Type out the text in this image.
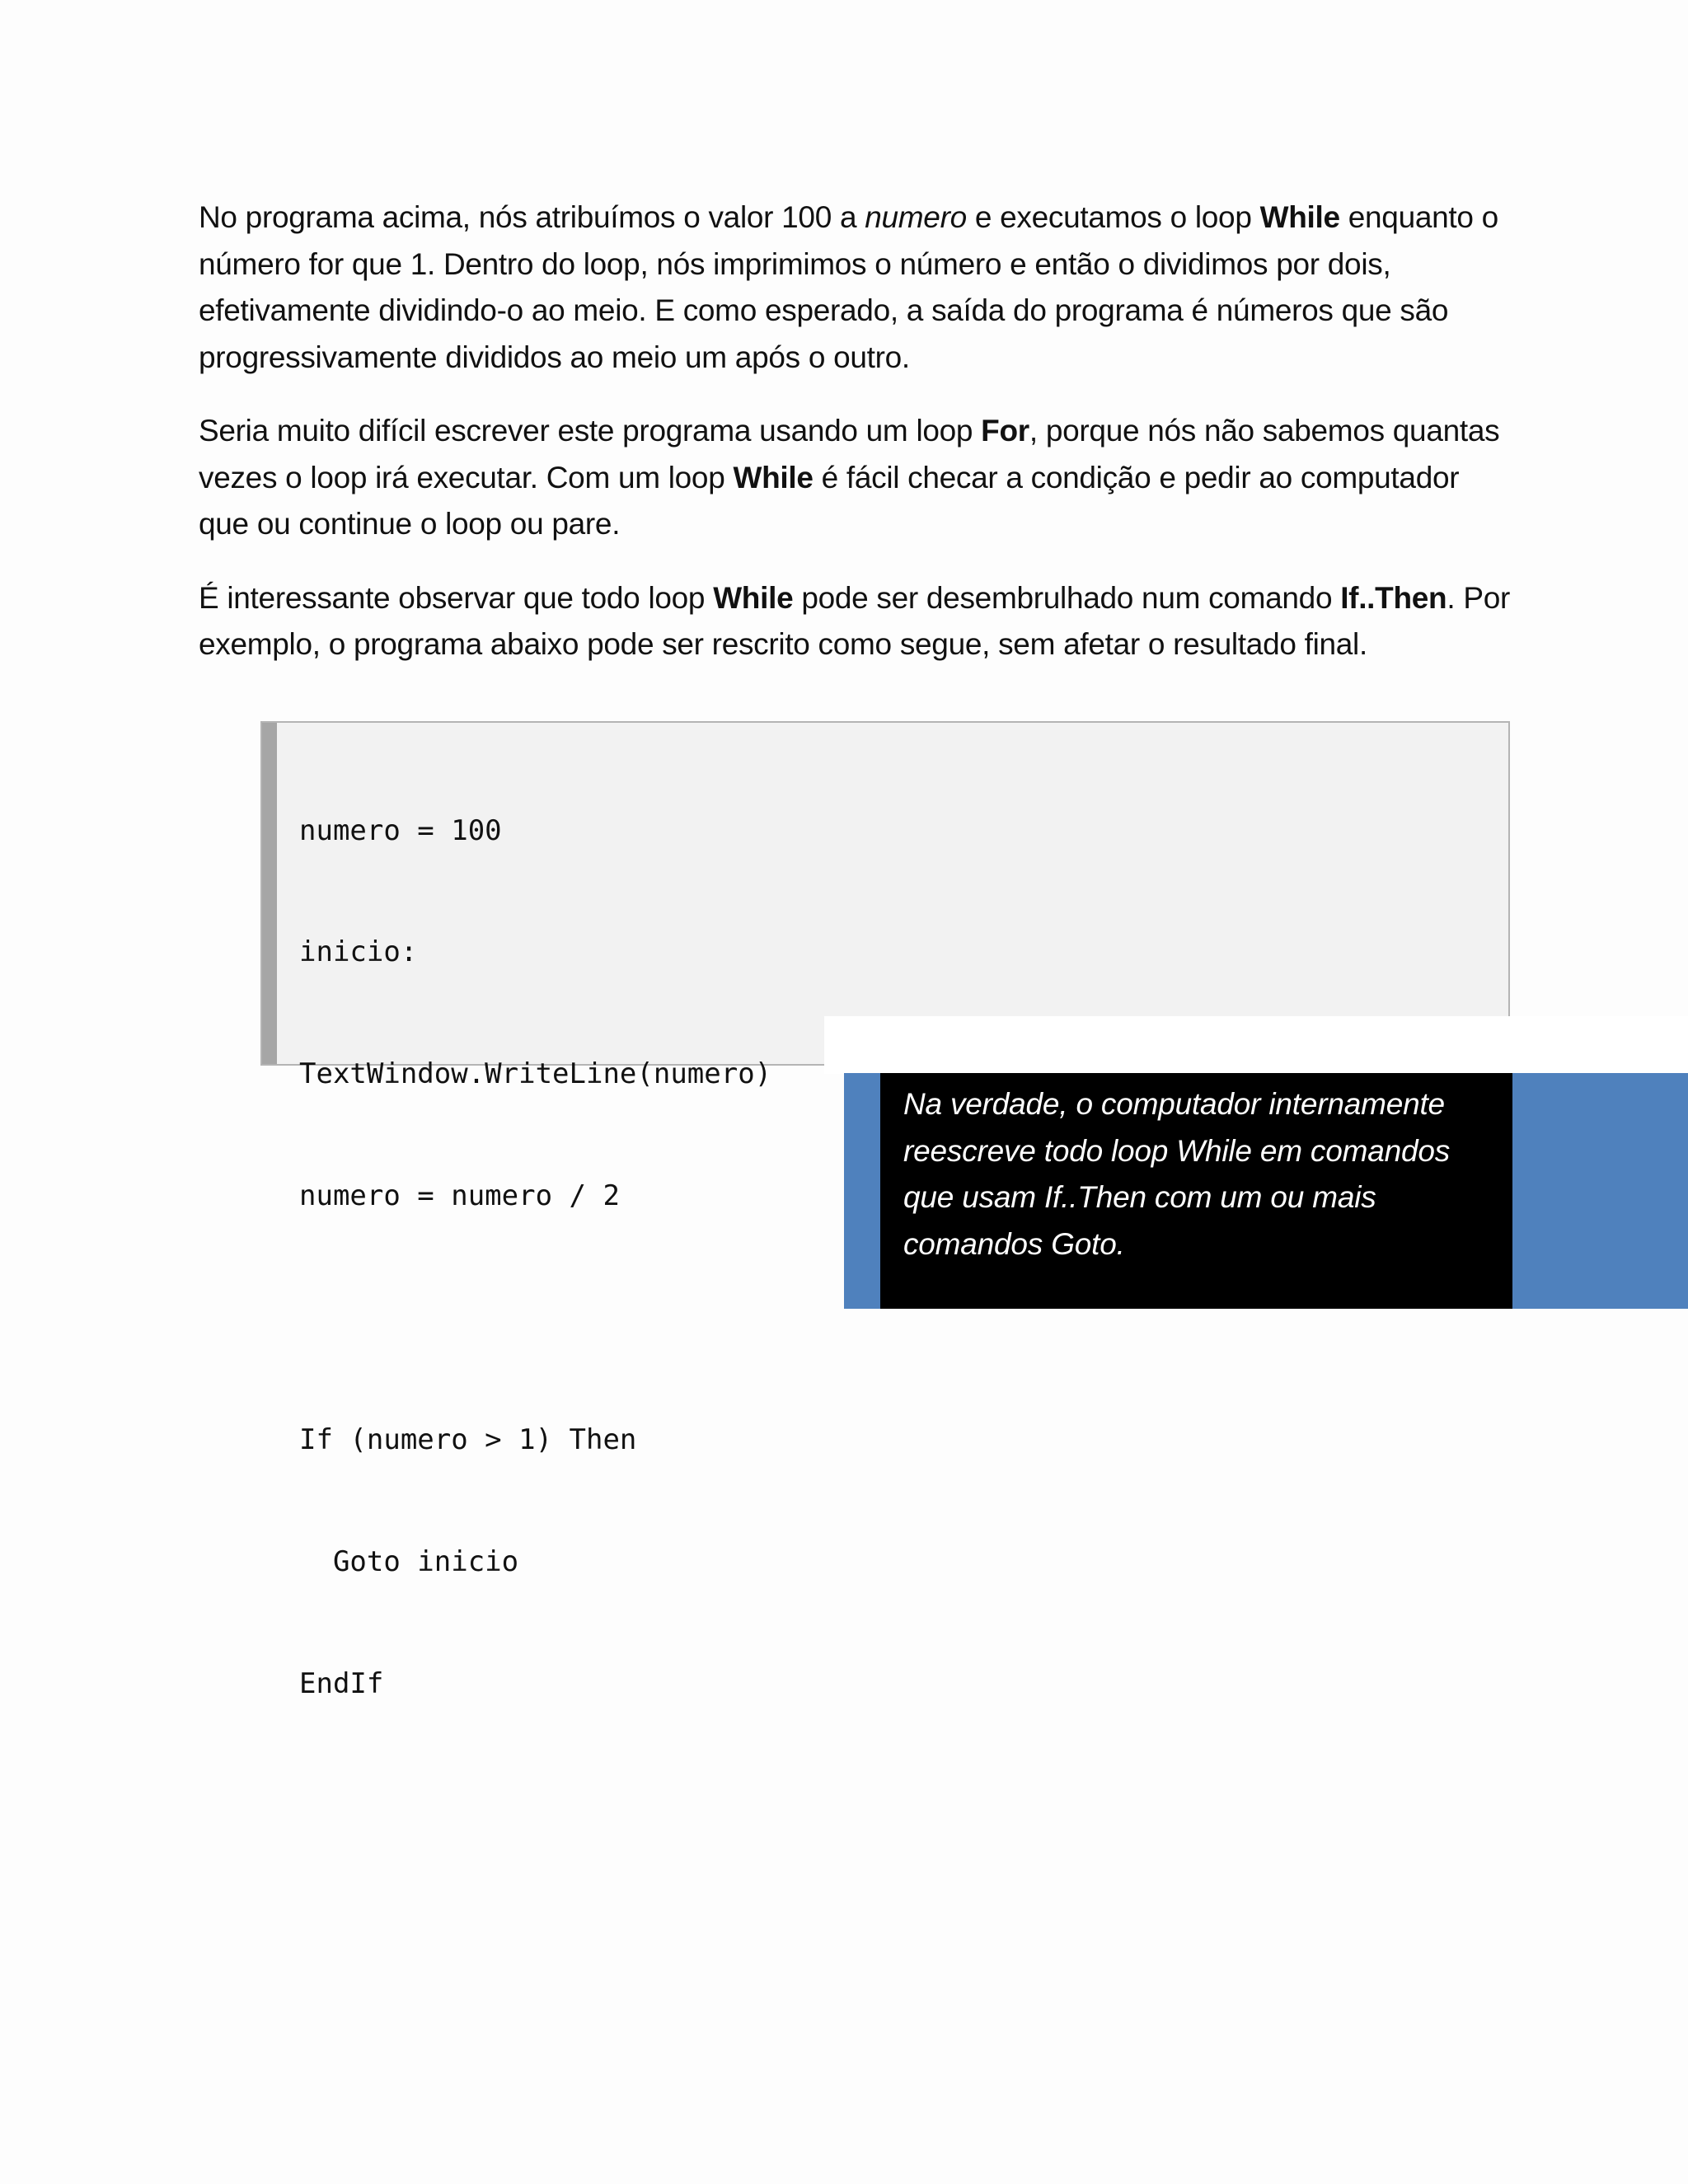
No programa acima, nós atribuímos o valor 100 a numero e executamos o loop While enquanto o número for que 1. Dentro do loop, nós imprimimos o número e então o dividimos por dois, efetivamente dividindo-o ao meio. E como esperado, a saída do programa é números que são progressivamente divididos ao meio um após o outro.

Seria muito difícil escrever este programa usando um loop For, porque nós não sabemos quantas vezes o loop irá executar. Com um loop While é fácil checar a condição e pedir ao computador que ou continue o loop ou pare.

É interessante observar que todo loop While pode ser desembrulhado num comando If..Then. Por exemplo, o programa abaixo pode ser rescrito como segue, sem afetar o resultado final.

numero = 100

inicio:

TextWindow.WriteLine(numero)

numero = numero / 2

If (numero > 1) Then

Goto inicio

EndIf

Na verdade, o computador internamente
reescreve todo loop While em comandos
que usam If..Then com um ou mais
comandos Goto.
